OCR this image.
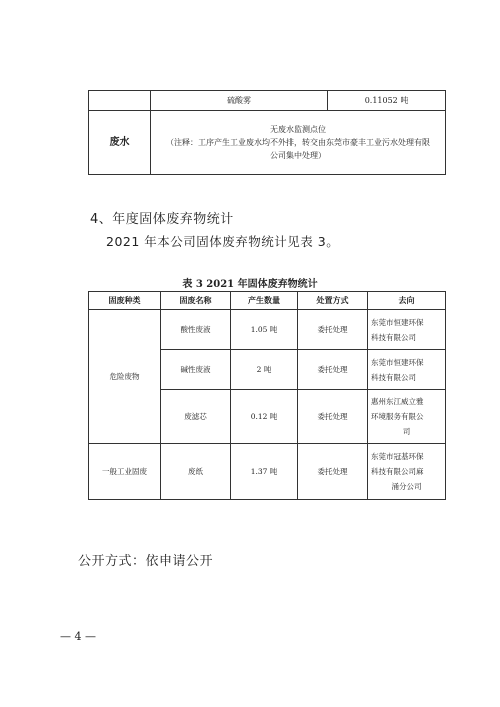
	硫酸雾	0.11052 吨
废水	无废水监测点位
（注释：工序产生工业废水均不外排，转交由东莞市豪丰工业污水处理有限
公司集中处理）	
4、年度固体废弃物统计
2021 年本公司固体废弃物统计见表 3。
表 3 2021 年固体废弃物统计
固废种类	固废名称	产生数量	处置方式	去向
危险废物	酸性废液	1.05 吨	委托处理	东莞市恒建环保
科技有限公司

	碱性废液	2 吨	委托处理	东莞市恒建环保
科技有限公司

	废滤芯	0.12 吨	委托处理	惠州东江威立雅
环境服务有限公
司

一般工业固废	废纸	1.37 吨	委托处理	东莞市冠基环保
科技有限公司麻
涌分公司
公开方式：依申请公开
— 4 —
